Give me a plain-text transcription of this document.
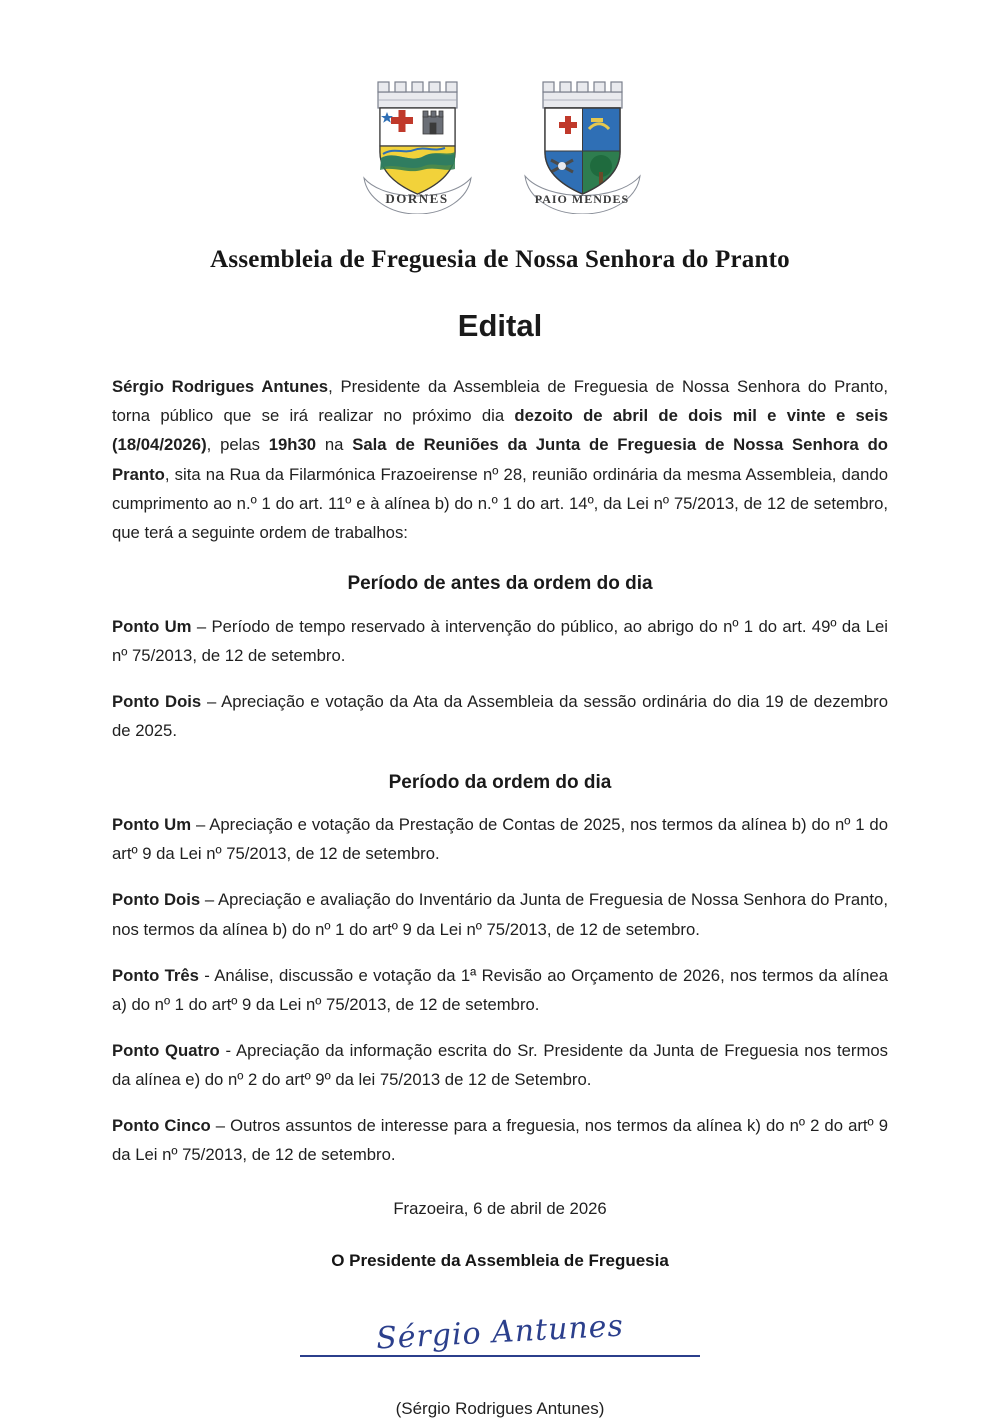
DORNES	PAIO MENDES
Assembleia de Freguesia de Nossa Senhora do Pranto
Edital

Sérgio Rodrigues Antunes, Presidente da Assembleia de Freguesia de Nossa Senhora do Pranto, torna público que se irá realizar no próximo dia dezoito de abril de dois mil e vinte e seis (18/04/2026), pelas 19h30 na Sala de Reuniões da Junta de Freguesia de Nossa Senhora do Pranto, sita na Rua da Filarmónica Frazoeirense nº 28, reunião ordinária da mesma Assembleia, dando cumprimento ao n.º 1 do art. 11º e à alínea b) do n.º 1 do art. 14º, da Lei nº 75/2013, de 12 de setembro, que terá a seguinte ordem de trabalhos:

Período de antes da ordem do dia

Ponto Um – Período de tempo reservado à intervenção do público, ao abrigo do nº 1 do art. 49º da Lei nº 75/2013, de 12 de setembro.

Ponto Dois – Apreciação e votação da Ata da Assembleia da sessão ordinária do dia 19 de dezembro de 2025.

Período da ordem do dia

Ponto Um – Apreciação e votação da Prestação de Contas de 2025, nos termos da alínea b) do nº 1 do artº 9 da Lei nº 75/2013, de 12 de setembro.

Ponto Dois – Apreciação e avaliação do Inventário da Junta de Freguesia de Nossa Senhora do Pranto, nos termos da alínea b) do nº 1 do artº 9 da Lei nº 75/2013, de 12 de setembro.

Ponto Três - Análise, discussão e votação da 1ª Revisão ao Orçamento de 2026, nos termos da alínea a) do nº 1 do artº 9 da Lei nº 75/2013, de 12 de setembro.

Ponto Quatro - Apreciação da informação escrita do Sr. Presidente da Junta de Freguesia nos termos da alínea e) do nº 2 do artº 9º da lei 75/2013 de 12 de Setembro.

Ponto Cinco – Outros assuntos de interesse para a freguesia, nos termos da alínea k) do nº 2 do artº 9 da Lei nº 75/2013, de 12 de setembro.

Frazoeira, 6 de abril de 2026
O Presidente da Assembleia de Freguesia
Sérgio Antunes
(Sérgio Rodrigues Antunes)
